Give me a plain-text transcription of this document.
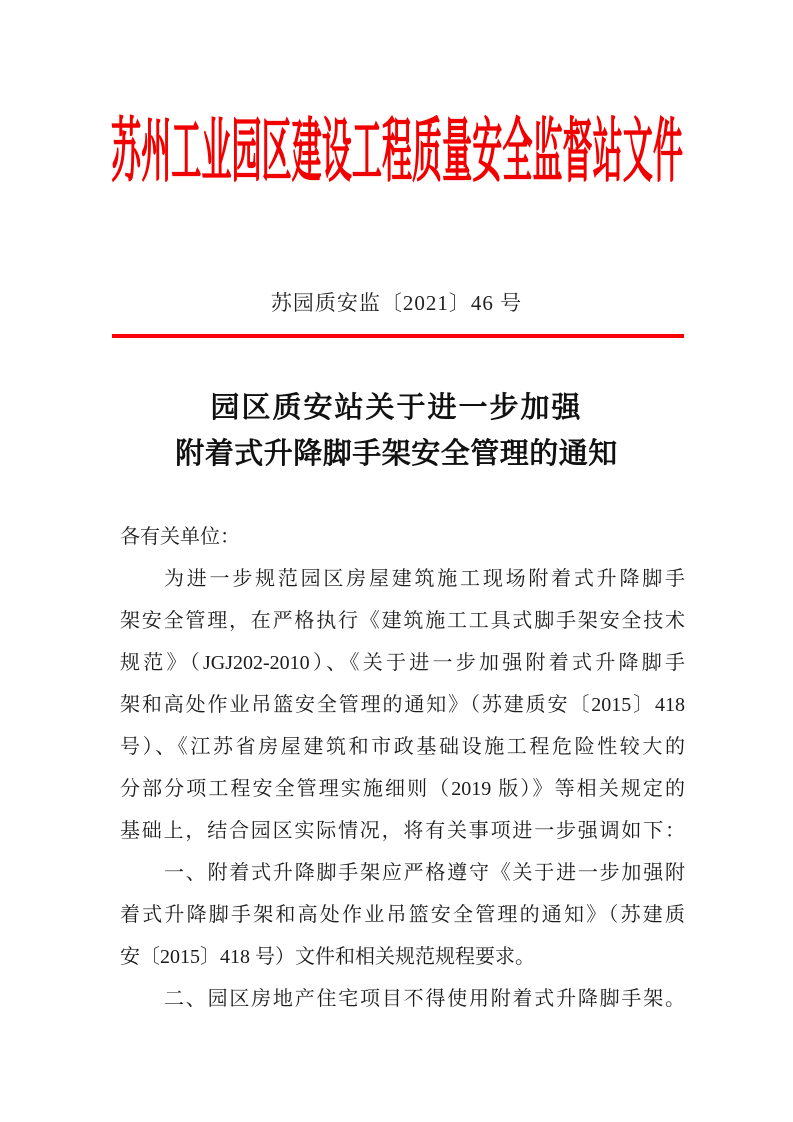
苏州工业园区建设工程质量安全监督站文件
苏园质安监〔2021〕46 号
园区质安站关于进一步加强
附着式升降脚手架安全管理的通知
各有关单位：
为进一步规范园区房屋建筑施工现场附着式升降脚手
架安全管理，在严格执行《建筑施工工具式脚手架安全技术
规范》（JGJ202-2010）、《关于进一步加强附着式升降脚手
架和高处作业吊篮安全管理的通知》（苏建质安〔2015〕418
号）、《江苏省房屋建筑和市政基础设施工程危险性较大的
分部分项工程安全管理实施细则（2019 版）》等相关规定的
基础上，结合园区实际情况，将有关事项进一步强调如下：
一、附着式升降脚手架应严格遵守《关于进一步加强附
着式升降脚手架和高处作业吊篮安全管理的通知》（苏建质
安〔2015〕418 号）文件和相关规范规程要求。
二、园区房地产住宅项目不得使用附着式升降脚手架。
